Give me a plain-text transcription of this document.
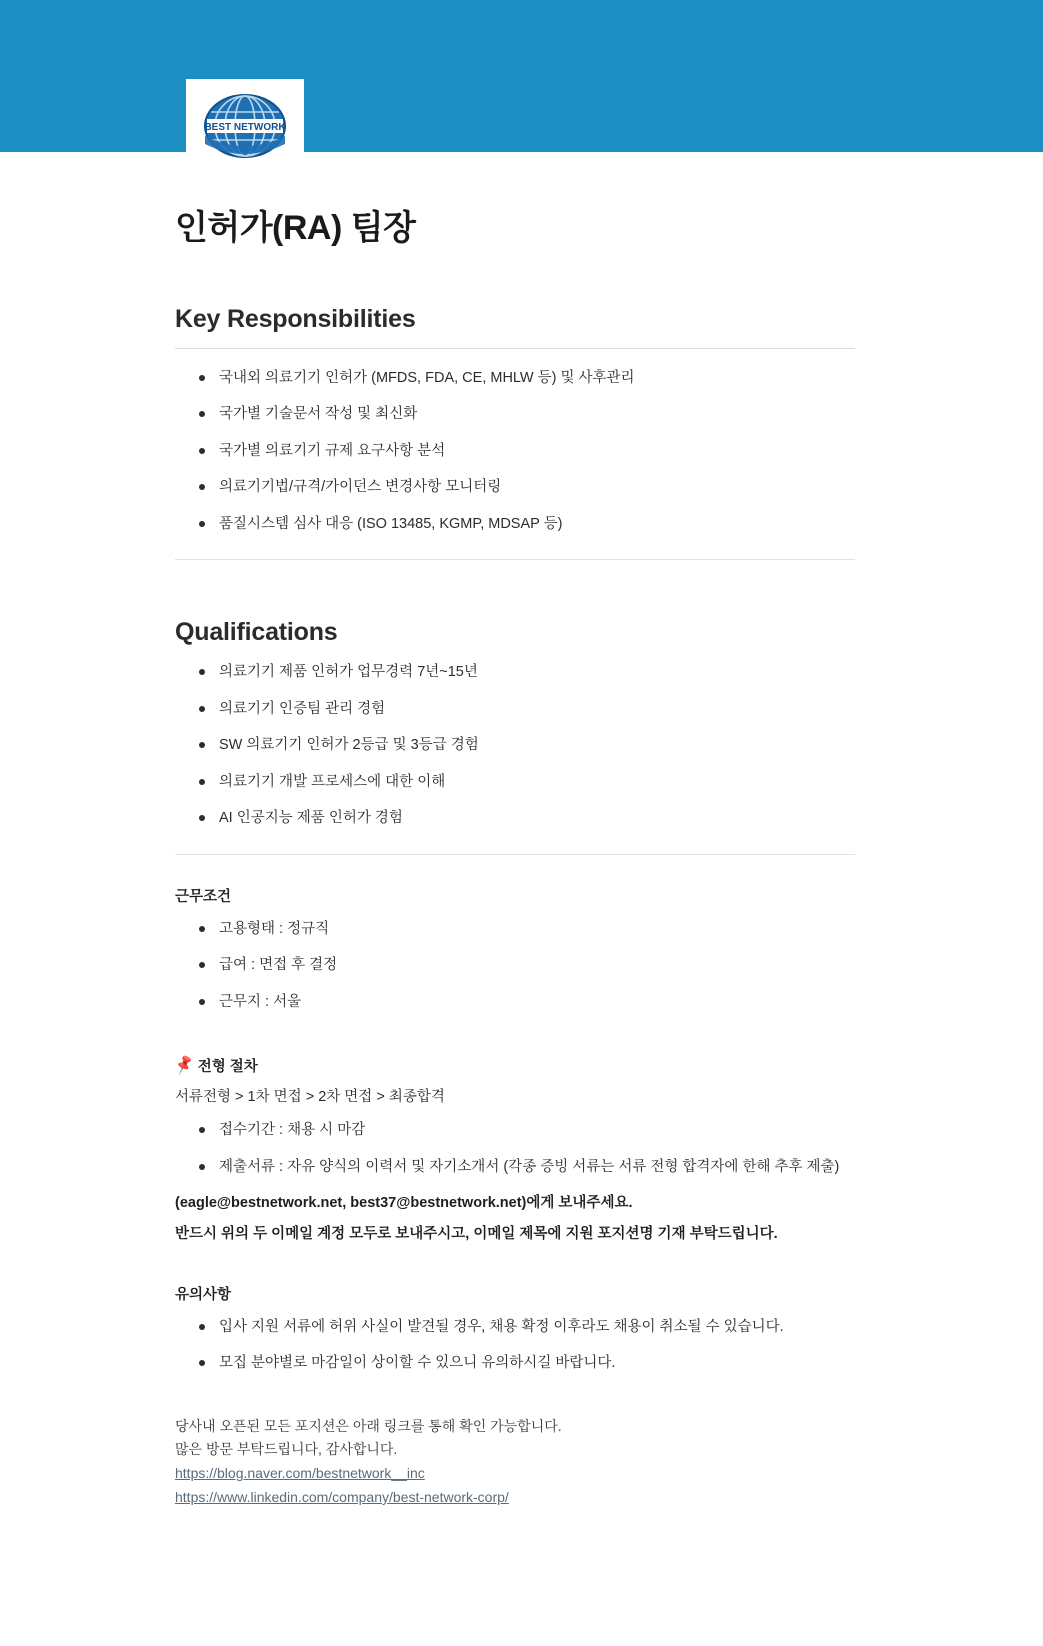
BEST NETWORK
인허가(RA) 팀장
Key Responsibilities
국내외 의료기기 인허가 (MFDS, FDA, CE, MHLW 등) 및 사후관리
국가별 기술문서 작성 및 최신화
국가별 의료기기 규제 요구사항 분석
의료기기법/규격/가이던스 변경사항 모니터링
품질시스템 심사 대응 (ISO 13485, KGMP, MDSAP 등)
Qualifications
의료기기 제품 인허가 업무경력 7년~15년
의료기기 인증팀 관리 경험
SW 의료기기 인허가 2등급 및 3등급 경험
의료기기 개발 프로세스에 대한 이해
AI 인공지능 제품 인허가 경험

근무조건

고용형태 : 정규직
급여 : 면접 후 결정
근무지 : 서울

📌 전형 절차

서류전형 > 1차 면접 > 2차 면접 > 최종합격

접수기간 : 채용 시 마감
제출서류 : 자유 양식의 이력서 및 자기소개서 (각종 증빙 서류는 서류 전형 합격자에 한해 추후 제출)

(eagle@bestnetwork.net, best37@bestnetwork.net)에게 보내주세요.

반드시 위의 두 이메일 계정 모두로 보내주시고, 이메일 제목에 지원 포지션명 기재 부탁드립니다.

유의사항

입사 지원 서류에 허위 사실이 발견될 경우, 채용 확정 이후라도 채용이 취소될 수 있습니다.
모집 분야별로 마감일이 상이할 수 있으니 유의하시길 바랍니다.
당사내 오픈된 모든 포지션은 아래 링크를 통해 확인 가능합니다.
많은 방문 부탁드립니다, 감사합니다.
https://blog.naver.com/bestnetwork__inc
https://www.linkedin.com/company/best-network-corp/
